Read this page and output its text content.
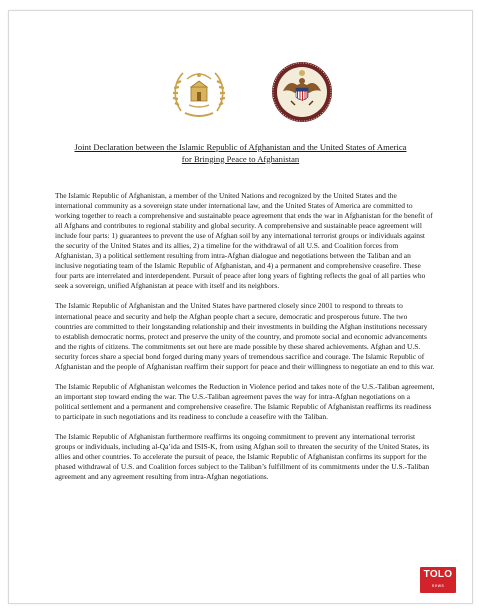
Joint Declaration between the Islamic Republic of Afghanistan and the United States of America
for Bringing Peace to Afghanistan

The Islamic Republic of Afghanistan, a member of the United Nations and recognized by the United States and the international community as a sovereign state under international law, and the United States of America are committed to working together to reach a comprehensive and sustainable peace agreement that ends the war in Afghanistan for the benefit of all Afghans and contributes to regional stability and global security. A comprehensive and sustainable peace agreement will include four parts: 1) guarantees to prevent the use of Afghan soil by any international terrorist groups or individuals against the security of the United States and its allies, 2) a timeline for the withdrawal of all U.S. and Coalition forces from Afghanistan, 3) a political settlement resulting from intra-Afghan dialogue and negotiations between the Taliban and an inclusive negotiating team of the Islamic Republic of Afghanistan, and 4) a permanent and comprehensive ceasefire. These four parts are interrelated and interdependent. Pursuit of peace after long years of fighting reflects the goal of all parties who seek a sovereign, unified Afghanistan at peace with itself and its neighbors.

The Islamic Republic of Afghanistan and the United States have partnered closely since 2001 to respond to threats to international peace and security and help the Afghan people chart a secure, democratic and prosperous future. The two countries are committed to their longstanding relationship and their investments in building the Afghan institutions necessary to establish democratic norms, protect and preserve the unity of the country, and promote social and economic advancements and the rights of citizens. The commitments set out here are made possible by these shared achievements. Afghan and U.S. security forces share a special bond forged during many years of tremendous sacrifice and courage. The Islamic Republic of Afghanistan and the people of Afghanistan reaffirm their support for peace and their willingness to negotiate an end to this war.

The Islamic Republic of Afghanistan welcomes the Reduction in Violence period and takes note of the U.S.-Taliban agreement, an important step toward ending the war. The U.S.-Taliban agreement paves the way for intra-Afghan negotiations on a political settlement and a permanent and comprehensive ceasefire. The Islamic Republic of Afghanistan reaffirms its readiness to participate in such negotiations and its readiness to conclude a ceasefire with the Taliban.

The Islamic Republic of Afghanistan furthermore reaffirms its ongoing commitment to prevent any international terrorist groups or individuals, including al-Qa’ida and ISIS-K, from using Afghan soil to threaten the security of the United States, its allies and other countries. To accelerate the pursuit of peace, the Islamic Republic of Afghanistan confirms its support for the phased withdrawal of U.S. and Coalition forces subject to the Taliban’s fulfillment of its commitments under the U.S.-Taliban agreement and any agreement resulting from intra-Afghan negotiations.

TOLO
news
